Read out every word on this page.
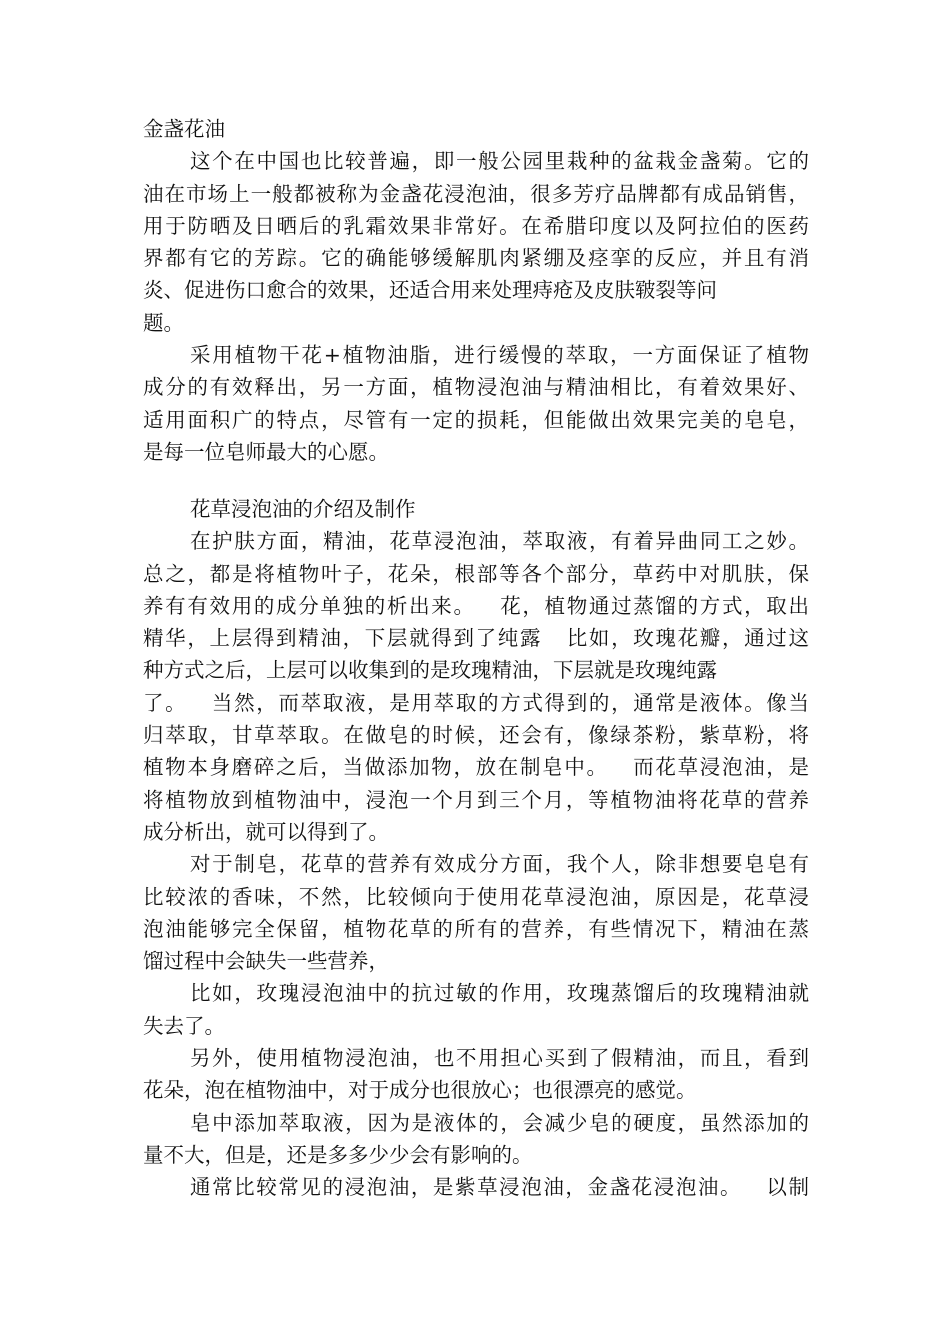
金盏花油
这个在中国也比较普遍，即一般公园里栽种的盆栽金盏菊。它的
油在市场上一般都被称为金盏花浸泡油，很多芳疗品牌都有成品销售，
用于防晒及日晒后的乳霜效果非常好。在希腊印度以及阿拉伯的医药
界都有它的芳踪。它的确能够缓解肌肉紧绷及痉挛的反应，并且有消
炎、促进伤口愈合的效果，还适合用来处理痔疮及皮肤皲裂等问
题。
采用植物干花+植物油脂，进行缓慢的萃取，一方面保证了植物
成分的有效释出，另一方面，植物浸泡油与精油相比，有着效果好、
适用面积广的特点，尽管有一定的损耗，但能做出效果完美的皂皂，
是每一位皂师最大的心愿。
花草浸泡油的介绍及制作
在护肤方面，精油，花草浸泡油，萃取液，有着异曲同工之妙。
总之，都是将植物叶子，花朵，根部等各个部分，草药中对肌肤，保
养有有效用的成分单独的析出来。   花，植物通过蒸馏的方式，取出
精华，上层得到精油，下层就得到了纯露   比如，玫瑰花瓣，通过这
种方式之后，上层可以收集到的是玫瑰精油，下层就是玫瑰纯露
了。   当然，而萃取液，是用萃取的方式得到的，通常是液体。像当
归萃取，甘草萃取。在做皂的时候，还会有，像绿茶粉，紫草粉，将
植物本身磨碎之后，当做添加物，放在制皂中。   而花草浸泡油，是
将植物放到植物油中，浸泡一个月到三个月，等植物油将花草的营养
成分析出，就可以得到了。
对于制皂，花草的营养有效成分方面，我个人，除非想要皂皂有
比较浓的香味，不然，比较倾向于使用花草浸泡油，原因是，花草浸
泡油能够完全保留，植物花草的所有的营养，有些情况下，精油在蒸
馏过程中会缺失一些营养，
比如，玫瑰浸泡油中的抗过敏的作用，玫瑰蒸馏后的玫瑰精油就
失去了。
另外，使用植物浸泡油，也不用担心买到了假精油，而且，看到
花朵，泡在植物油中，对于成分也很放心；也很漂亮的感觉。
皂中添加萃取液，因为是液体的，会减少皂的硬度，虽然添加的
量不大，但是，还是多多少少会有影响的。
通常比较常见的浸泡油，是紫草浸泡油，金盏花浸泡油。   以制
